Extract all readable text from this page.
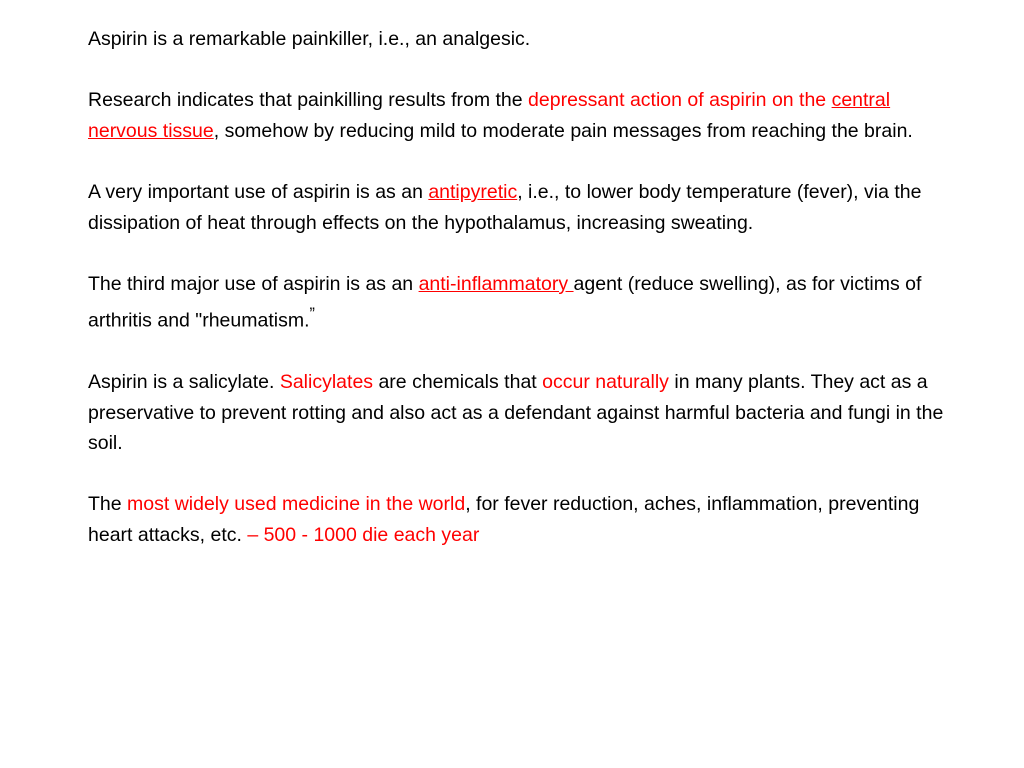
Aspirin is a remarkable painkiller, i.e., an analgesic.

Research indicates that painkilling results from the depressant action of aspirin on the central nervous tissue, somehow by reducing mild to moderate pain messages from reaching the brain.

A very important use of aspirin is as an antipyretic, i.e., to lower body temperature (fever), via the dissipation of heat through effects on the hypothalamus, increasing sweating.

The third major use of aspirin is as an anti-inflammatory agent (reduce swelling), as for victims of arthritis and "rheumatism.”

Aspirin is a salicylate. Salicylates are chemicals that occur naturally in many plants. They act as a preservative to prevent rotting and also act as a defendant against harmful bacteria and fungi in the soil.

The most widely used medicine in the world, for fever reduction, aches, inflammation, preventing heart attacks, etc. – 500 - 1000 die each year
